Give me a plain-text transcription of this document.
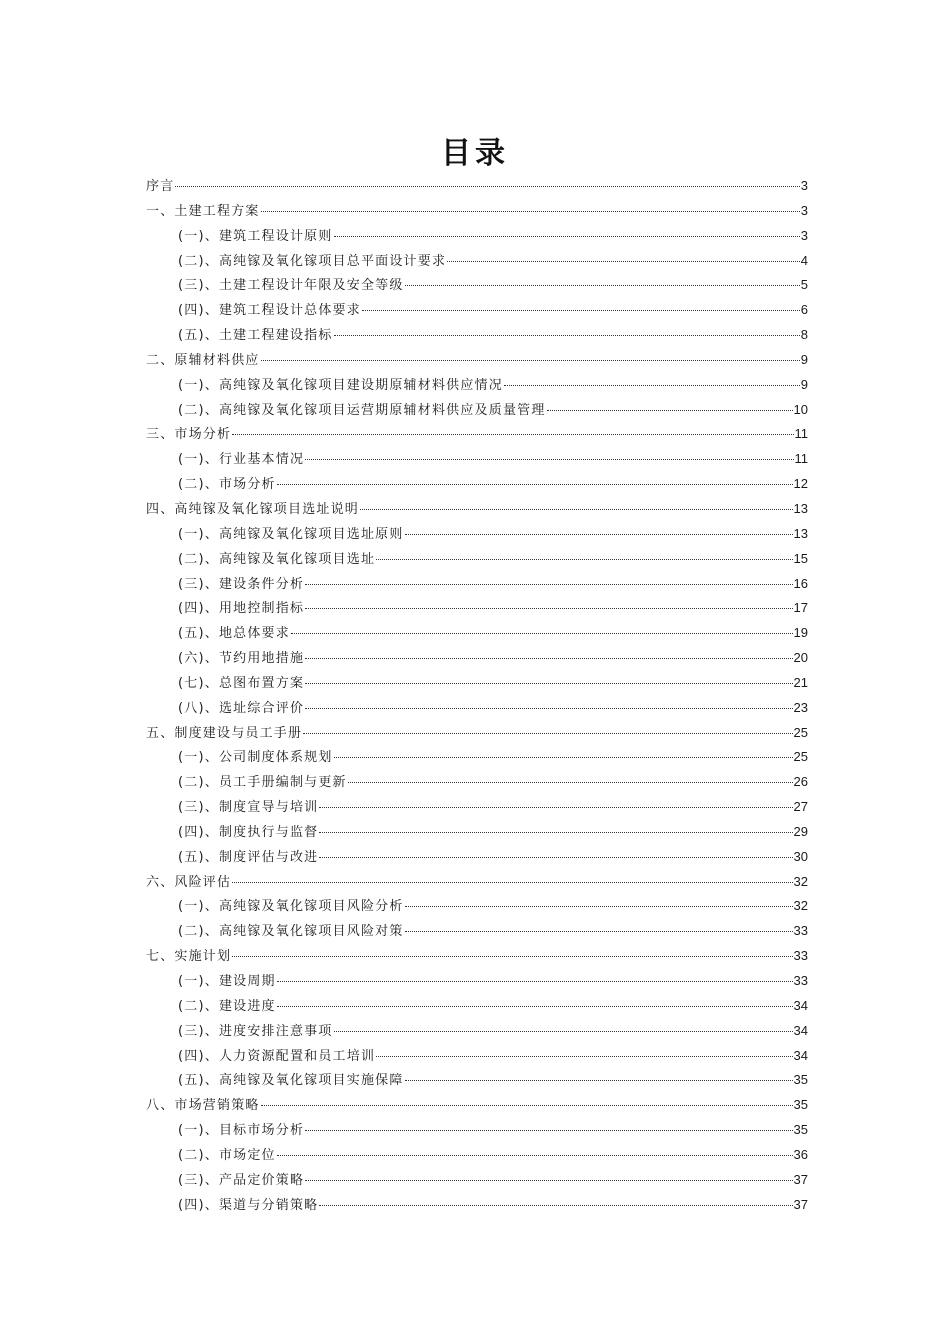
目录
序言	3
一、土建工程方案	3
(一)、建筑工程设计原则	3
(二)、高纯镓及氧化镓项目总平面设计要求	4
(三)、土建工程设计年限及安全等级	5
(四)、建筑工程设计总体要求	6
(五)、土建工程建设指标	8
二、原辅材料供应	9
(一)、高纯镓及氧化镓项目建设期原辅材料供应情况	9
(二)、高纯镓及氧化镓项目运营期原辅材料供应及质量管理	10
三、市场分析	11
(一)、行业基本情况	11
(二)、市场分析	12
四、高纯镓及氧化镓项目选址说明	13
(一)、高纯镓及氧化镓项目选址原则	13
(二)、高纯镓及氧化镓项目选址	15
(三)、建设条件分析	16
(四)、用地控制指标	17
(五)、地总体要求	19
(六)、节约用地措施	20
(七)、总图布置方案	21
(八)、选址综合评价	23
五、制度建设与员工手册	25
(一)、公司制度体系规划	25
(二)、员工手册编制与更新	26
(三)、制度宣导与培训	27
(四)、制度执行与监督	29
(五)、制度评估与改进	30
六、风险评估	32
(一)、高纯镓及氧化镓项目风险分析	32
(二)、高纯镓及氧化镓项目风险对策	33
七、实施计划	33
(一)、建设周期	33
(二)、建设进度	34
(三)、进度安排注意事项	34
(四)、人力资源配置和员工培训	34
(五)、高纯镓及氧化镓项目实施保障	35
八、市场营销策略	35
(一)、目标市场分析	35
(二)、市场定位	36
(三)、产品定价策略	37
(四)、渠道与分销策略	37
